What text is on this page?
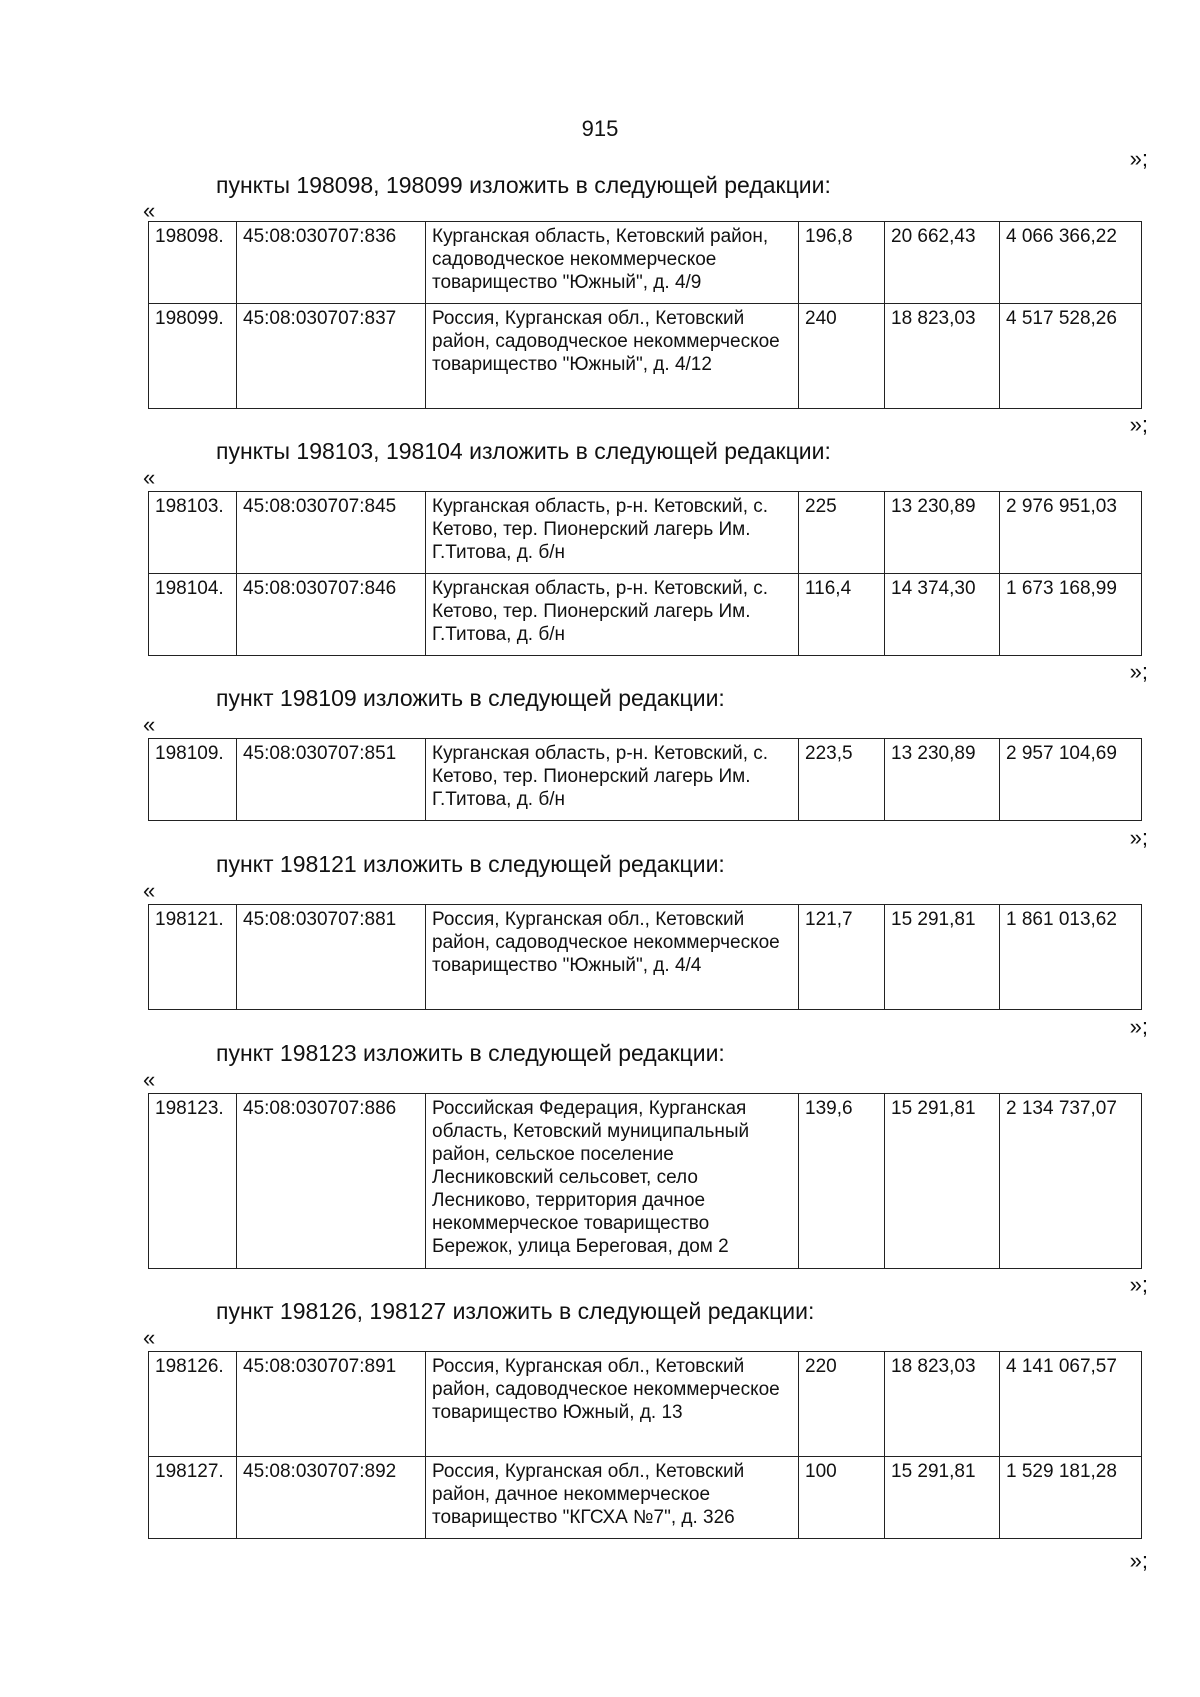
915
»;
пункты 198098, 198099 изложить в следующей редакции:
«
198098.	45:08:030707:836	Курганская область, Кетовский район, садоводческое некоммерческое товарищество "Южный", д. 4/9	196,8	20 662,43	4 066 366,22
198099.	45:08:030707:837	Россия, Курганская обл., Кетовский район, садоводческое некоммерческое товарищество "Южный", д. 4/12	240	18 823,03	4 517 528,26
»;
пункты 198103, 198104 изложить в следующей редакции:
«
198103.	45:08:030707:845	Курганская область, р-н. Кетовский, с. Кетово, тер. Пионерский лагерь Им. Г.Титова, д. б/н	225	13 230,89	2 976 951,03
198104.	45:08:030707:846	Курганская область, р-н. Кетовский, с. Кетово, тер. Пионерский лагерь Им. Г.Титова, д. б/н	116,4	14 374,30	1 673 168,99
»;
пункт 198109 изложить в следующей редакции:
«
198109.	45:08:030707:851	Курганская область, р-н. Кетовский, с. Кетово, тер. Пионерский лагерь Им. Г.Титова, д. б/н	223,5	13 230,89	2 957 104,69
»;
пункт 198121 изложить в следующей редакции:
«
198121.	45:08:030707:881	Россия, Курганская обл., Кетовский район, садоводческое некоммерческое товарищество "Южный", д. 4/4	121,7	15 291,81	1 861 013,62
»;
пункт 198123 изложить в следующей редакции:
«
198123.	45:08:030707:886	Российская Федерация, Курганская область, Кетовский муниципальный район, сельское поселение Лесниковский сельсовет, село Лесниково, территория дачное некоммерческое товарищество Бережок, улица Береговая, дом 2	139,6	15 291,81	2 134 737,07
»;
пункт 198126, 198127 изложить в следующей редакции:
«
198126.	45:08:030707:891	Россия, Курганская обл., Кетовский район, садоводческое некоммерческое товарищество Южный, д. 13	220	18 823,03	4 141 067,57
198127.	45:08:030707:892	Россия, Курганская обл., Кетовский район, дачное некоммерческое товарищество "КГСХА №7", д. 326	100	15 291,81	1 529 181,28
»;
